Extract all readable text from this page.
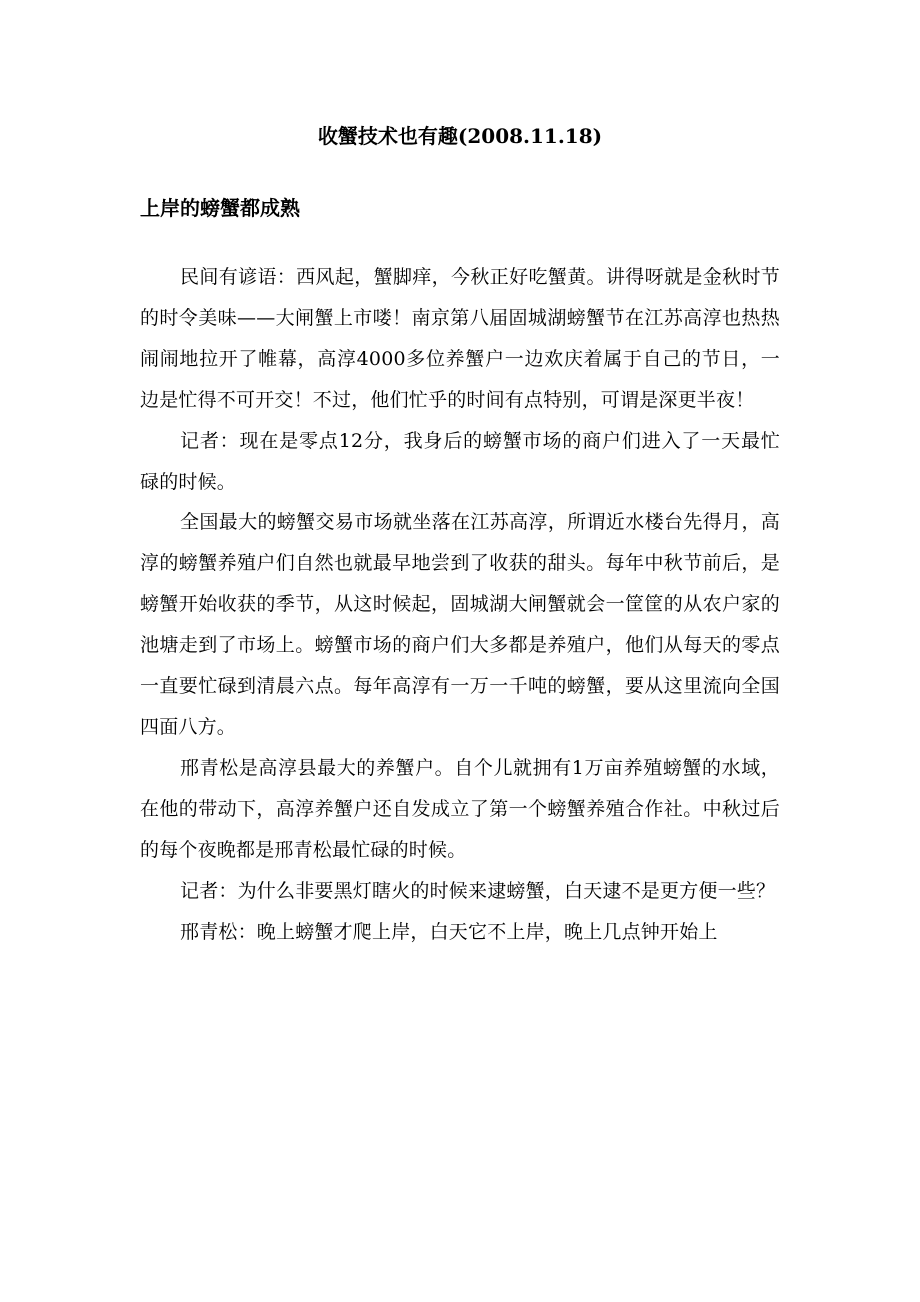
收蟹技术也有趣(2008.11.18)
上岸的螃蟹都成熟

民间有谚语：西风起，蟹脚痒，今秋正好吃蟹黄。讲得呀就是金秋时节的时令美味——大闸蟹上市喽！南京第八届固城湖螃蟹节在江苏高淳也热热闹闹地拉开了帷幕，高淳4000多位养蟹户一边欢庆着属于自己的节日，一边是忙得不可开交！不过，他们忙乎的时间有点特别，可谓是深更半夜！

记者：现在是零点12分，我身后的螃蟹市场的商户们进入了一天最忙碌的时候。

全国最大的螃蟹交易市场就坐落在江苏高淳，所谓近水楼台先得月，高淳的螃蟹养殖户们自然也就最早地尝到了收获的甜头。每年中秋节前后，是螃蟹开始收获的季节，从这时候起，固城湖大闸蟹就会一筐筐的从农户家的池塘走到了市场上。螃蟹市场的商户们大多都是养殖户，他们从每天的零点一直要忙碌到清晨六点。每年高淳有一万一千吨的螃蟹，要从这里流向全国四面八方。

邢青松是高淳县最大的养蟹户。自个儿就拥有1万亩养殖螃蟹的水域，在他的带动下，高淳养蟹户还自发成立了第一个螃蟹养殖合作社。中秋过后的每个夜晚都是邢青松最忙碌的时候。

记者：为什么非要黑灯瞎火的时候来逮螃蟹，白天逮不是更方便一些？

邢青松：晚上螃蟹才爬上岸，白天它不上岸，晚上几点钟开始上
